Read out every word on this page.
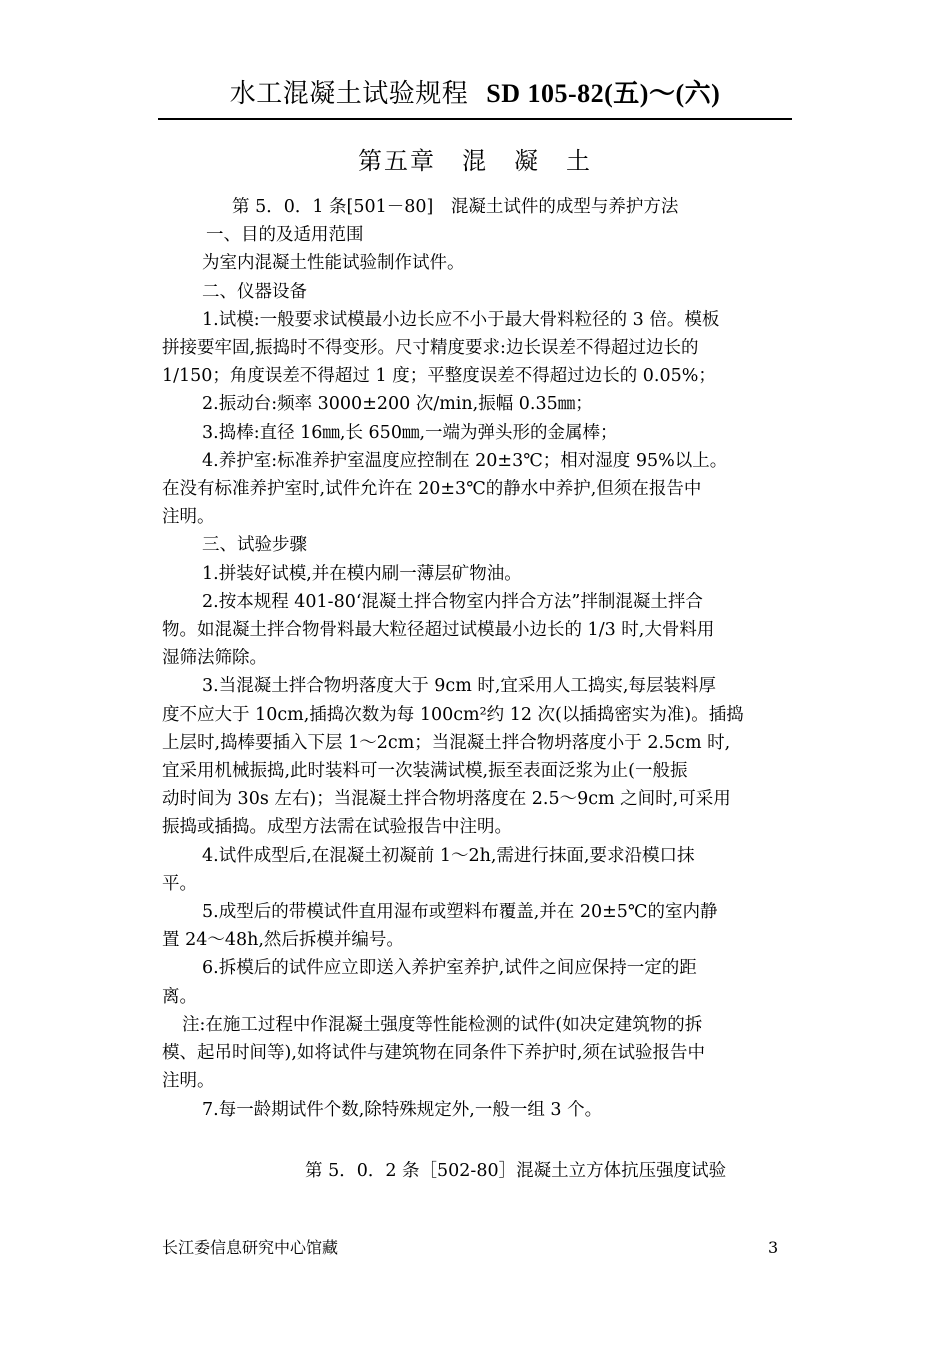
水工混凝土试验规程 SD 105-82(五)～(六)
第五章　混　凝　土

第 5．0．1 条[501－80]　混凝土试件的成型与养护方法

一、目的及适用范围

为室内混凝土性能试验制作试件。

二、仪器设备

1.试模:一般要求试模最小边长应不小于最大骨料粒径的 3 倍。模板

拼接要牢固,振捣时不得变形。尺寸精度要求:边长误差不得超过边长的

1/150；角度误差不得超过 1 度；平整度误差不得超过边长的 0.05%；

2.振动台:频率 3000±200 次/min,振幅 0.35㎜；

3.捣棒:直径 16㎜,长 650㎜,一端为弹头形的金属棒；

4.养护室:标准养护室温度应控制在 20±3℃；相对湿度 95%以上。

在没有标准养护室时,试件允许在 20±3℃的静水中养护,但须在报告中

注明。

三、试验步骤

1.拼装好试模,并在模内刷一薄层矿物油。

2.按本规程 401-80‘混凝土拌合物室内拌合方法”拌制混凝土拌合

物。如混凝土拌合物骨料最大粒径超过试模最小边长的 1/3 时,大骨料用

湿筛法筛除。

3.当混凝土拌合物坍落度大于 9cm 时,宜采用人工捣实,每层装料厚

度不应大于 10cm,插捣次数为每 100cm²约 12 次(以插捣密实为准)。插捣

上层时,捣棒要插入下层 1～2cm；当混凝土拌合物坍落度小于 2.5cm 时,

宜采用机械振捣,此时装料可一次装满试模,振至表面泛浆为止(一般振

动时间为 30s 左右)；当混凝土拌合物坍落度在 2.5～9cm 之间时,可采用

振捣或插捣。成型方法需在试验报告中注明。

4.试件成型后,在混凝土初凝前 1～2h,需进行抹面,要求沿模口抹

平。

5.成型后的带模试件直用湿布或塑料布覆盖,并在 20±5℃的室内静

置 24～48h,然后拆模并编号。

6.拆模后的试件应立即送入养护室养护,试件之间应保持一定的距

离。

注:在施工过程中作混凝土强度等性能检测的试件(如决定建筑物的拆

模、起吊时间等),如将试件与建筑物在同条件下养护时,须在试验报告中

注明。

7.每一龄期试件个数,除特殊规定外,一般一组 3 个。

第 5．0．2 条［502-80］混凝土立方体抗压强度试验
长江委信息研究中心馆藏	3
